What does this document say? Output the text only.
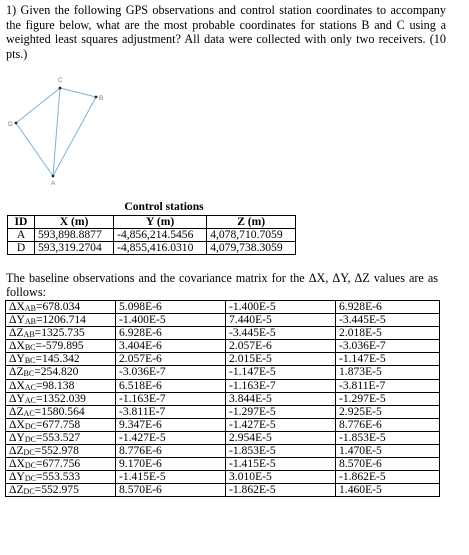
1) Given the following GPS observations and control station coordinates to accompany the figure below, what are the most probable coordinates for stations B and C using a weighted least squares adjustment? All data were collected with only two receivers. (10 pts.)

C
B
D
A
Control stations
ID	X (m)	Y (m)	Z (m)
A	593,898.8877	-4,856,214.5456	4,078,710.7059
D	593,319.2704	-4,855,416.0310	4,079,738.3059

The baseline observations and the covariance matrix for the ΔX, ΔY, ΔZ values are as follows:

$\Delta X_{AB}=678.034$	5.098E-6	-1.400E-5	6.928E-6
$\Delta Y_{AB}=1206.714$	-1.400E-5	7.440E-5	-3.445E-5
$\Delta Z_{AB}=1325.735$	6.928E-6	-3.445E-5	2.018E-5
$\Delta X_{BC}=-579.895$	3.404E-6	2.057E-6	-3.036E-7
$\Delta Y_{BC}=145.342$	2.057E-6	2.015E-5	-1.147E-5
$\Delta Z_{BC}=254.820$	-3.036E-7	-1.147E-5	1.873E-5
$\Delta X_{AC}=98.138$	6.518E-6	-1.163E-7	-3.811E-7
$\Delta Y_{AC}=1352.039$	-1.163E-7	3.844E-5	-1.297E-5
$\Delta Z_{AC}=1580.564$	-3.811E-7	-1.297E-5	2.925E-5
$\Delta X_{DC}=677.758$	9.347E-6	-1.427E-5	8.776E-6
$\Delta Y_{DC}=553.527$	-1.427E-5	2.954E-5	-1.853E-5
$\Delta Z_{DC}=552.978$	8.776E-6	-1.853E-5	1.470E-5
$\Delta X_{DC}=677.756$	9.170E-6	-1.415E-5	8.570E-6
$\Delta Y_{DC}=553.533$	-1.415E-5	3.010E-5	-1.862E-5
$\Delta Z_{DC}=552.975$	8.570E-6	-1.862E-5	1.460E-5
